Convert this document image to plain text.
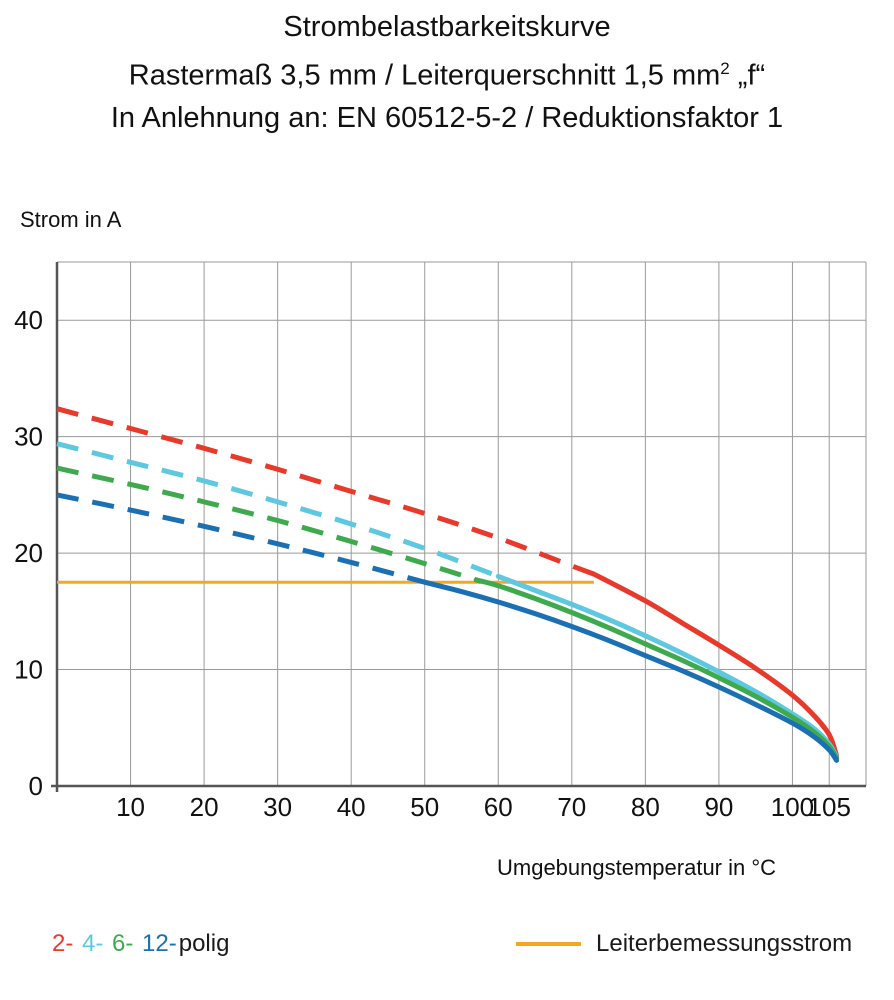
Strombelastbarkeitskurve
Rastermaß 3,5 mm / Leiterquerschnitt 1,5 $mm^2$ „f“
In Anlehnung an: EN 60512-5-2 / Reduktionsfaktor 1
Strom in A
Umgebungstemperatur in °C
10 20 30 40 50 60 70 80 90 100
105
0
10
20
30
40
2- 4- 6- 12-polig	Leiterbemessungsstrom
